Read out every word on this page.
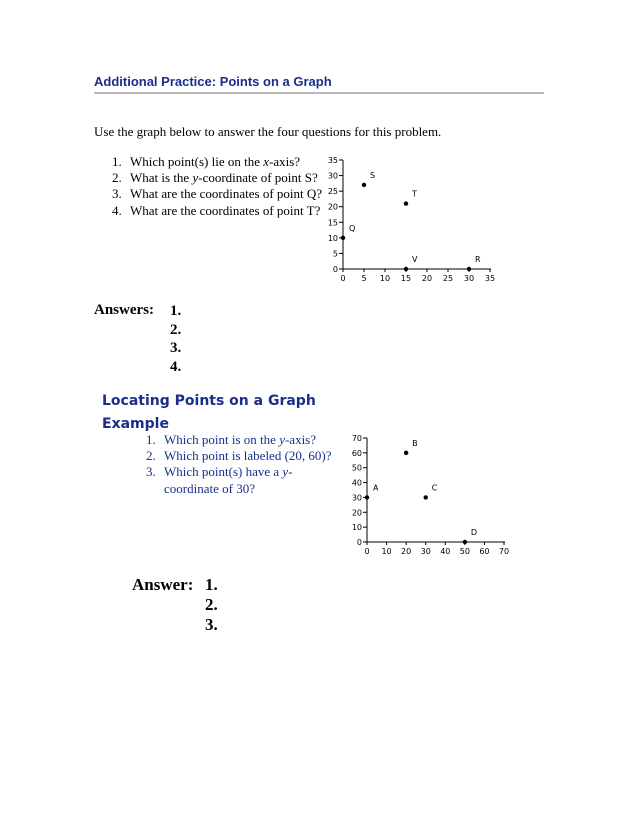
Additional Practice: Points on a Graph
Use the graph below to answer the four questions for this problem.
1. Which point(s) lie on the x-axis?
2. What is the y-coordinate of point S?
3. What are the coordinates of point Q?
4. What are the coordinates of point T?
0 5 10 15 20 25 30 35
0
5
10
15
20
25
30
35
S
T
Q
V	R
Answers: 1.
2.
3.
4.
Locating Points on a Graph
Example
1. Which point is on the y-axis?
2. Which point is labeled (20, 60)?
3. Which point(s) have a y-
coordinate of 30?
0 10 20 30 40 50 60 70
0
10
20
30
40
50
60
70
B
A	C
D
Answer: 1.
2.
3.
